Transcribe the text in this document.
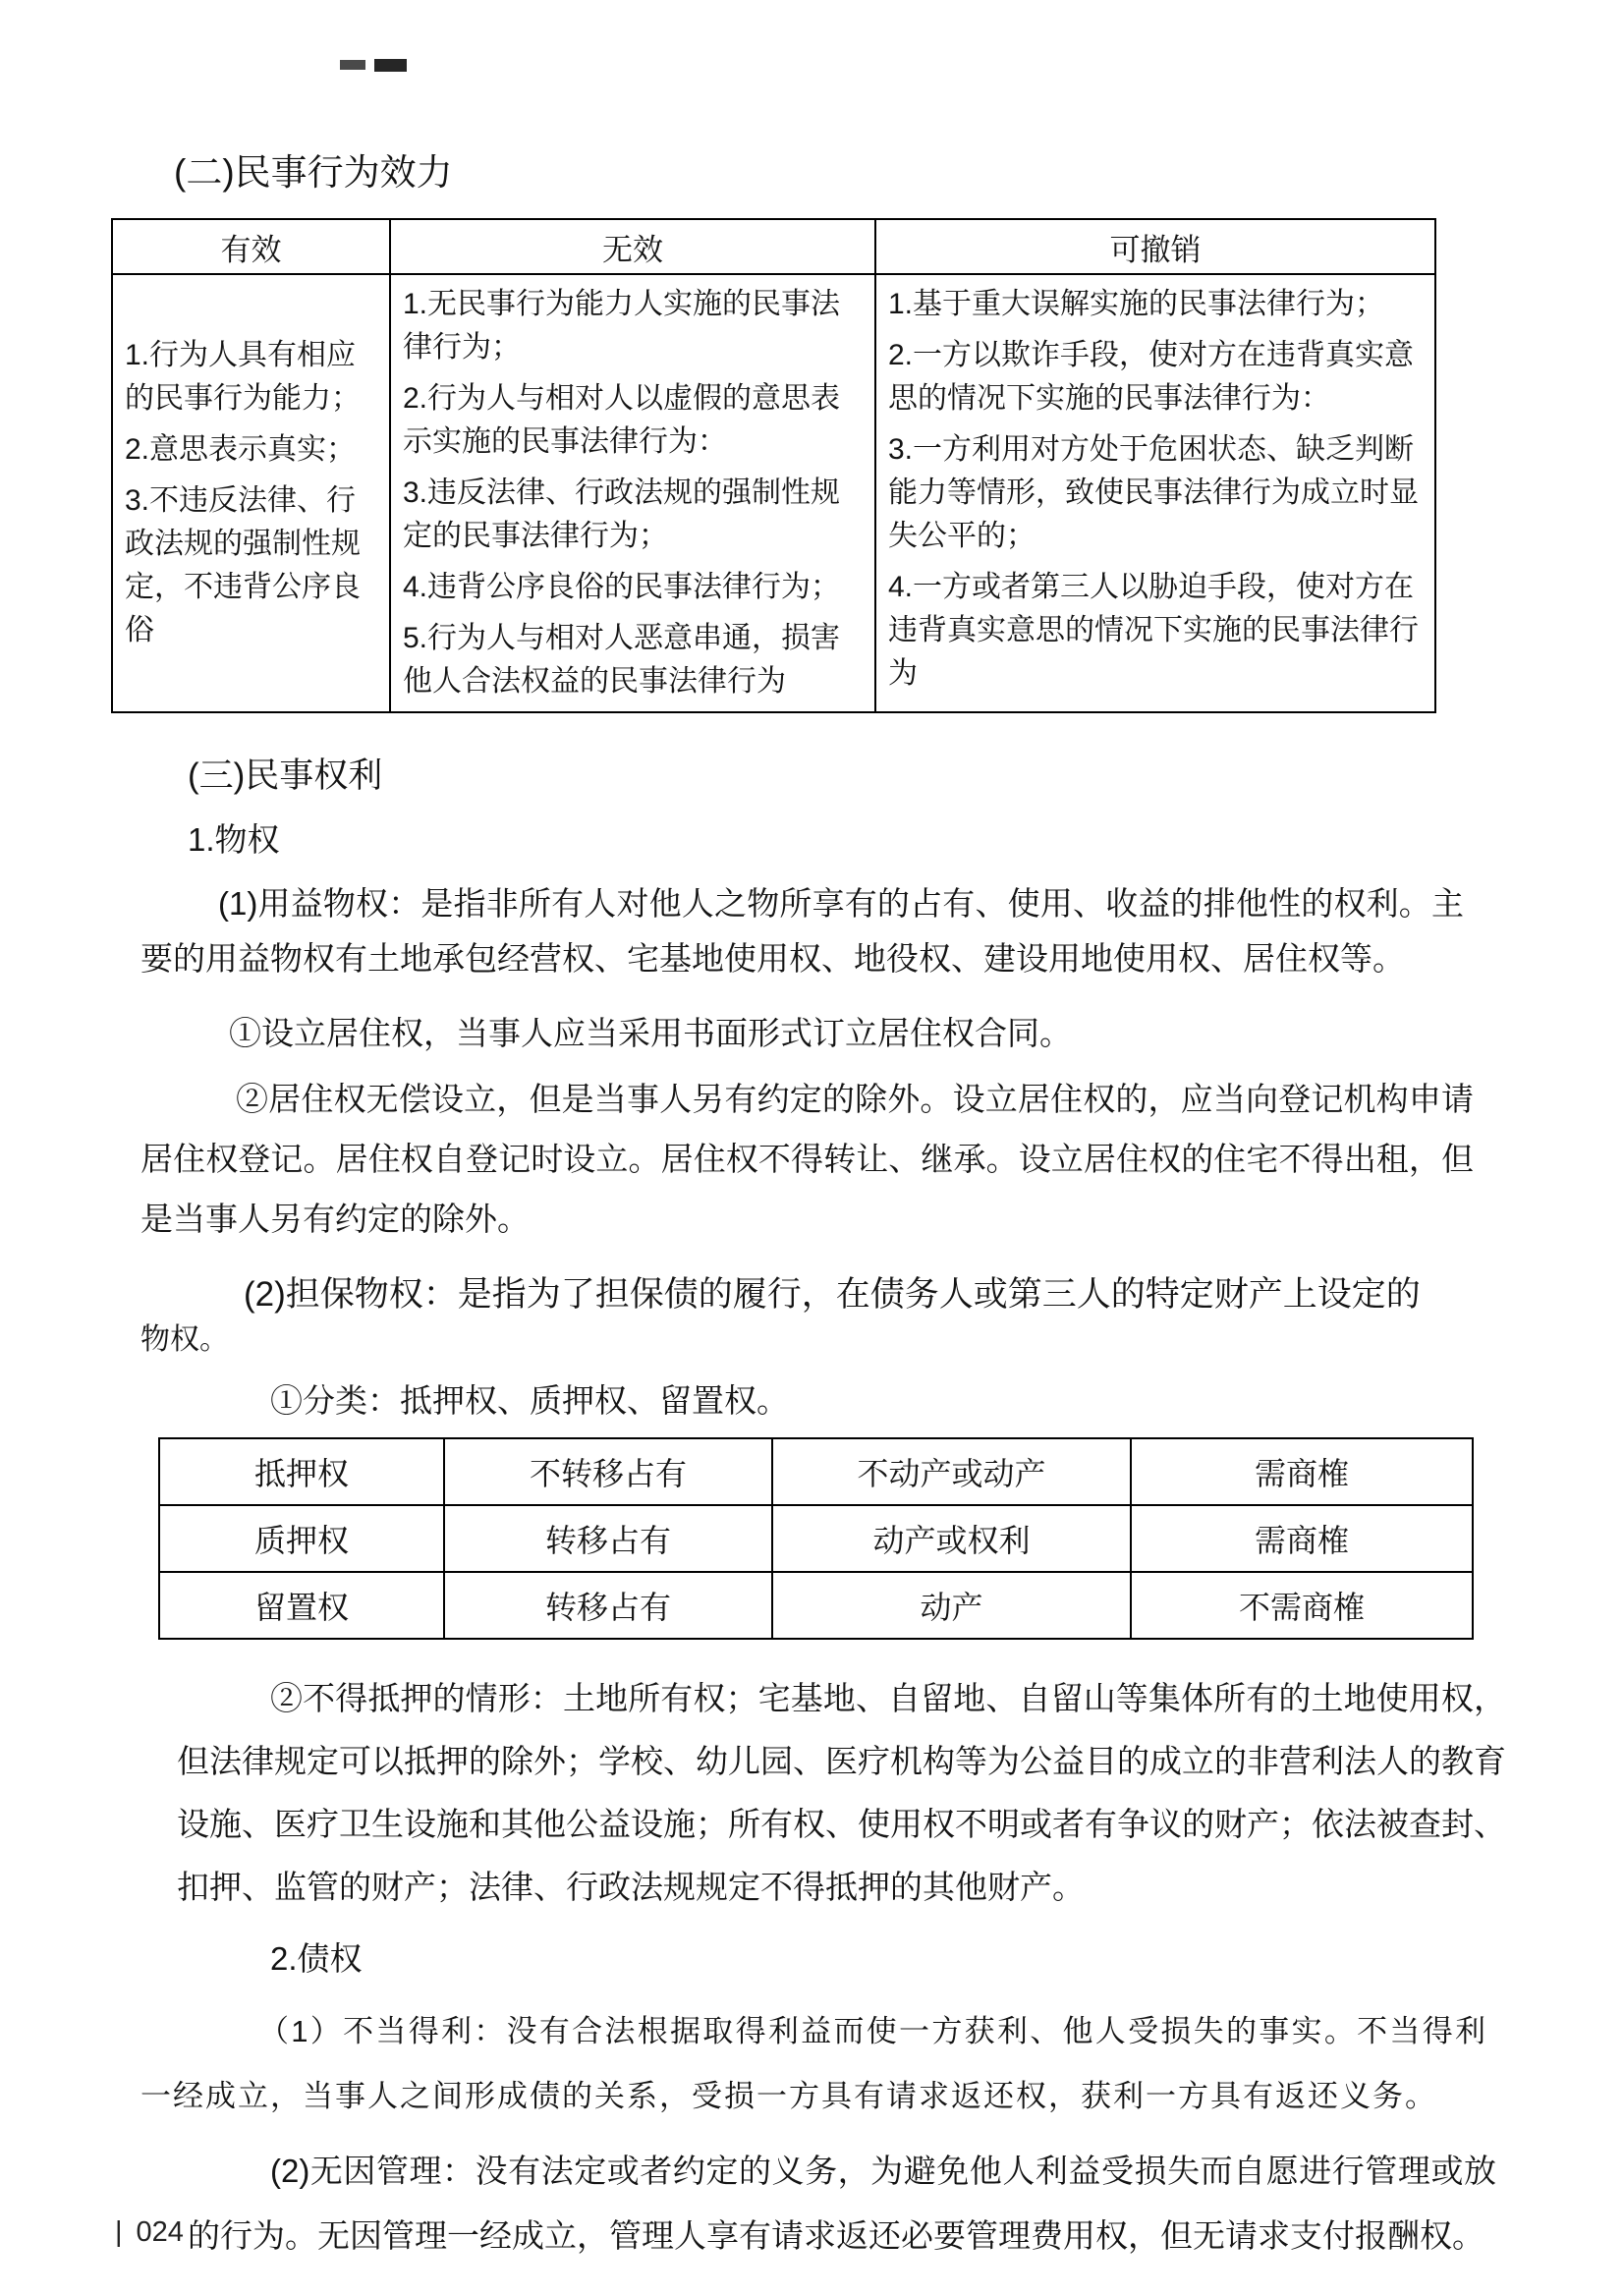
(二)民事行为效力
有效	无效	可撤销

1.行为人具有相应的民事行为能力；
2.意思表示真实；
3.不违反法律、行政法规的强制性规定，不违背公序良俗

1.无民事行为能力人实施的民事法律行为；
2.行为人与相对人以虚假的意思表示实施的民事法律行为：
3.违反法律、行政法规的强制性规定的民事法律行为；
4.违背公序良俗的民事法律行为；
5.行为人与相对人恶意串通，损害他人合法权益的民事法律行为

1.基于重大误解实施的民事法律行为；
2.一方以欺诈手段，使对方在违背真实意思的情况下实施的民事法律行为：
3.一方利用对方处于危困状态、缺乏判断能力等情形，致使民事法律行为成立时显失公平的；
4.一方或者第三人以胁迫手段，使对方在违背真实意思的情况下实施的民事法律行为
(三)民事权利
1.物权
(1)用益物权：是指非所有人对他人之物所享有的占有、使用、收益的排他性的权利。主要的用益物权有土地承包经营权、宅基地使用权、地役权、建设用地使用权、居住权等。
①设立居住权，当事人应当采用书面形式订立居住权合同。
②居住权无偿设立，但是当事人另有约定的除外。设立居住权的，应当向登记机构申请居住权登记。居住权自登记时设立。居住权不得转让、继承。设立居住权的住宅不得出租，但是当事人另有约定的除外。
(2)担保物权：是指为了担保债的履行，在债务人或第三人的特定财产上设定的
物权。
①分类：抵押权、质押权、留置权。
抵押权	不转移占有	不动产或动产	需商榷
质押权	转移占有	动产或权利	需商榷
留置权	转移占有	动产	不需商榷
②不得抵押的情形：土地所有权；宅基地、自留地、自留山等集体所有的土地使用权，但法律规定可以抵押的除外；学校、幼儿园、医疗机构等为公益目的成立的非营利法人的教育设施、医疗卫生设施和其他公益设施；所有权、使用权不明或者有争议的财产；依法被查封、扣押、监管的财产；法律、行政法规规定不得抵押的其他财产。
2.债权
（1）不当得利：没有合法根据取得利益而使一方获利、他人受损失的事实。不当得利一经成立，当事人之间形成债的关系，受损一方具有请求返还权，获利一方具有返还义务。
(2)无因管理：没有法定或者约定的义务，为避免他人利益受损失而自愿进行管理或放的行为。无因管理一经成立，管理人享有请求返还必要管理费用权，但无请求支付报酬权。
| 024
